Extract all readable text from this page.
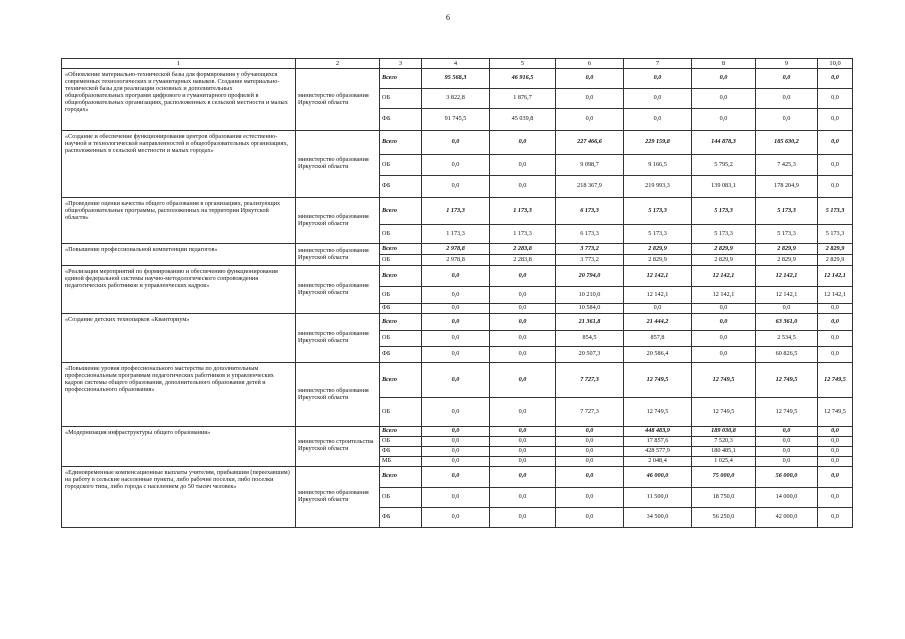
6
1	2	3	4	5	6	7	8	9	10,0
«Обновление материально-технической базы для формирования у обучающихся современных технологических и гуманитарных навыков. Создание материально-технической базы для реализации основных и дополнительных общеобразовательных программ цифрового и гуманитарного профилей в общеобразовательных организациях, расположенных в сельской местности и малых городах»	министерство образования Иркутской области	Всего	95 568,3	46 916,5	0,0	0,0	0,0	0,0	0,0
		ОБ	3 822,8	1 876,7	0,0	0,0	0,0	0,0	0,0
		ФБ	91 745,5	45 039,8	0,0	0,0	0,0	0,0	0,0
«Создание и обеспечение функционирования центров образования естественно-научной и технологической направленностей в общеобразовательных организациях, расположенных в сельской местности и малых городах»	министерство образования Иркутской области	Всего	0,0	0,0	227 466,6	229 159,8	144 878,3	185 630,2	0,0
		ОБ	0,0	0,0	9 098,7	9 166,5	5 795,2	7 425,3	0,0
		ФБ	0,0	0,0	218 367,9	219 993,3	139 083,1	178 204,9	0,0
«Проведение оценки качества общего образования в организациях, реализующих общеобразовательные программы, расположенных на территории Иркутской области»	министерство образования Иркутской области	Всего	1 173,3	1 173,3	6 173,3	5 173,3	5 173,3	5 173,3	5 173,3
		ОБ	1 173,3	1 173,3	6 173,3	5 173,3	5 173,3	5 173,3	5 173,3
«Повышение профессиональной компетенции педагогов»	министерство образования Иркутской области	Всего	2 978,8	2 283,8	3 773,2	2 829,9	2 829,9	2 829,9	2 829,9
		ОБ	2 978,8	2 283,8	3 773,2	2 829,9	2 829,9	2 829,9	2 829,9
«Реализация мероприятий по формированию и обеспечению функционирования единой федеральной системы научно-методологического сопровождения педагогических работников и управленческих кадров»	министерство образования Иркутской области	Всего	0,0	0,0	20 794,0	12 142,1	12 142,1	12 142,1	12 142,1
		ОБ	0,0	0,0	10 210,0	12 142,1	12 142,1	12 142,1	12 142,1
		ФБ	0,0	0,0	10 584,0	0,0	0,0	0,0	0,0
«Создание детских технопарков «Кванториум»	министерство образования Иркутской области	Всего	0,0	0,0	21 361,8	21 444,2	0,0	63 361,0	0,0
		ОБ	0,0	0,0	854,5	857,8	0,0	2 534,5	0,0
		ФБ	0,0	0,0	20 507,3	20 586,4	0,0	60 826,5	0,0
«Повышение уровня профессионального мастерства по дополнительным профессиональным программам педагогических работников и управленческих кадров системы общего образования, дополнительного образования детей и профессионального образования»	министерство образования Иркутской области	Всего	0,0	0,0	7 727,3	12 749,5	12 749,5	12 749,5	12 749,5
		ОБ	0,0	0,0	7 727,3	12 749,5	12 749,5	12 749,5	12 749,5
«Модернизация инфраструктуры общего образования»	министерство строительства Иркутской области	Всего	0,0	0,0	0,0	448 483,9	189 030,8	0,0	0,0
		ОБ	0,0	0,0	0,0	17 857,6	7 520,3	0,0	0,0
		ФБ	0,0	0,0	0,0	428 577,9	180 485,1	0,0	0,0
		МБ	0,0	0,0	0,0	2 048,4	1 025,4	0,0	0,0
«Единовременные компенсационные выплаты учителям, прибывшим (переехавшим) на работу в сельские населенные пункты, либо рабочие поселки, либо поселки городского типа, либо города с населением до 50 тысяч человек»	министерство образования Иркутской области	Всего	0,0	0,0	0,0	46 000,0	75 000,0	56 000,0	0,0
		ОБ	0,0	0,0	0,0	11 500,0	18 750,0	14 000,0	0,0
		ФБ	0,0	0,0	0,0	34 500,0	56 250,0	42 000,0	0,0
